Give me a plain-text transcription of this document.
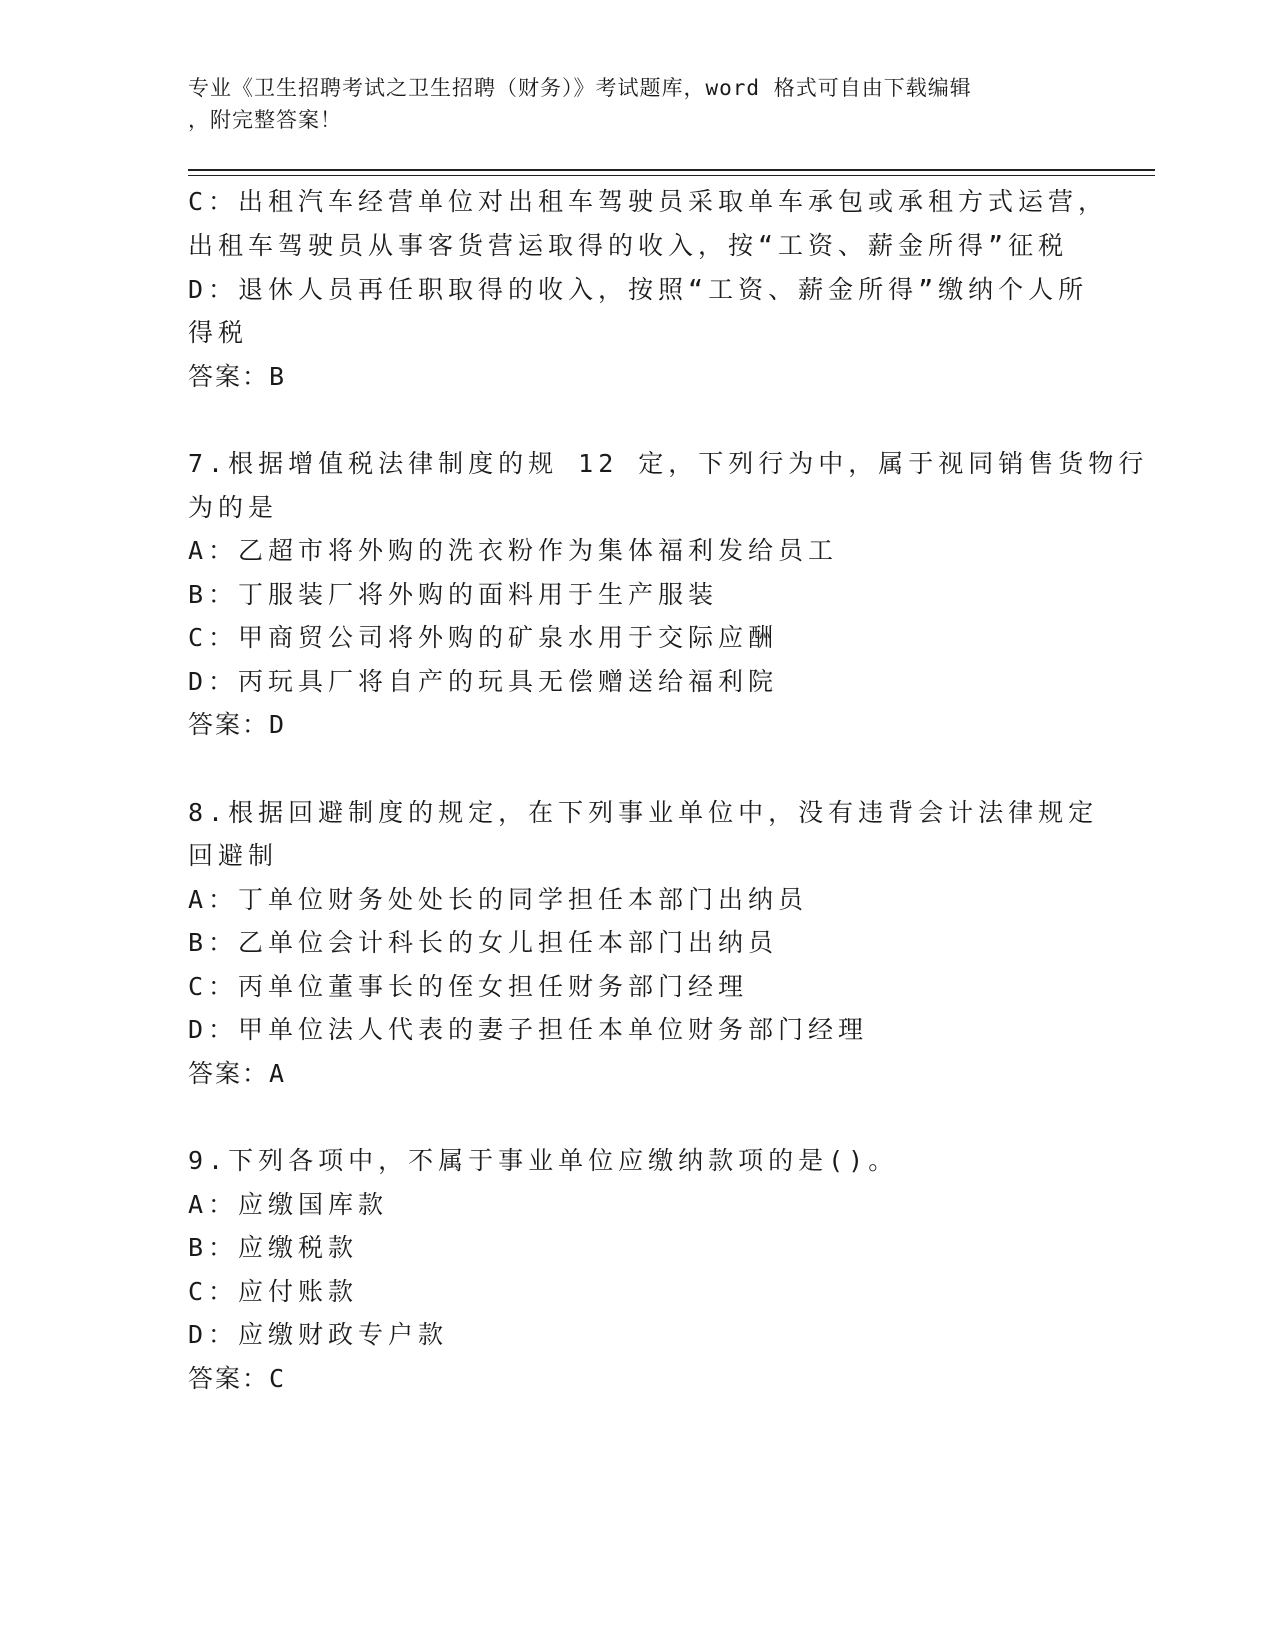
专业《卫生招聘考试之卫生招聘（财务）》考试题库，word 格式可自由下载编辑
，附完整答案！
C：出租汽车经营单位对出租车驾驶员采取单车承包或承租方式运营，
出租车驾驶员从事客货营运取得的收入，按“工资、薪金所得”征税
D：退休人员再任职取得的收入，按照“工资、薪金所得”缴纳个人所
得税
答案：B
7.根据增值税法律制度的规 12 定，下列行为中，属于视同销售货物行
为的是
A：乙超市将外购的洗衣粉作为集体福利发给员工
B：丁服装厂将外购的面料用于生产服装
C：甲商贸公司将外购的矿泉水用于交际应酬
D：丙玩具厂将自产的玩具无偿赠送给福利院
答案：D
8.根据回避制度的规定，在下列事业单位中，没有违背会计法律规定
回避制
A：丁单位财务处处长的同学担任本部门出纳员
B：乙单位会计科长的女儿担任本部门出纳员
C：丙单位董事长的侄女担任财务部门经理
D：甲单位法人代表的妻子担任本单位财务部门经理
答案：A
9.下列各项中，不属于事业单位应缴纳款项的是()。
A：应缴国库款
B：应缴税款
C：应付账款
D：应缴财政专户款
答案：C
